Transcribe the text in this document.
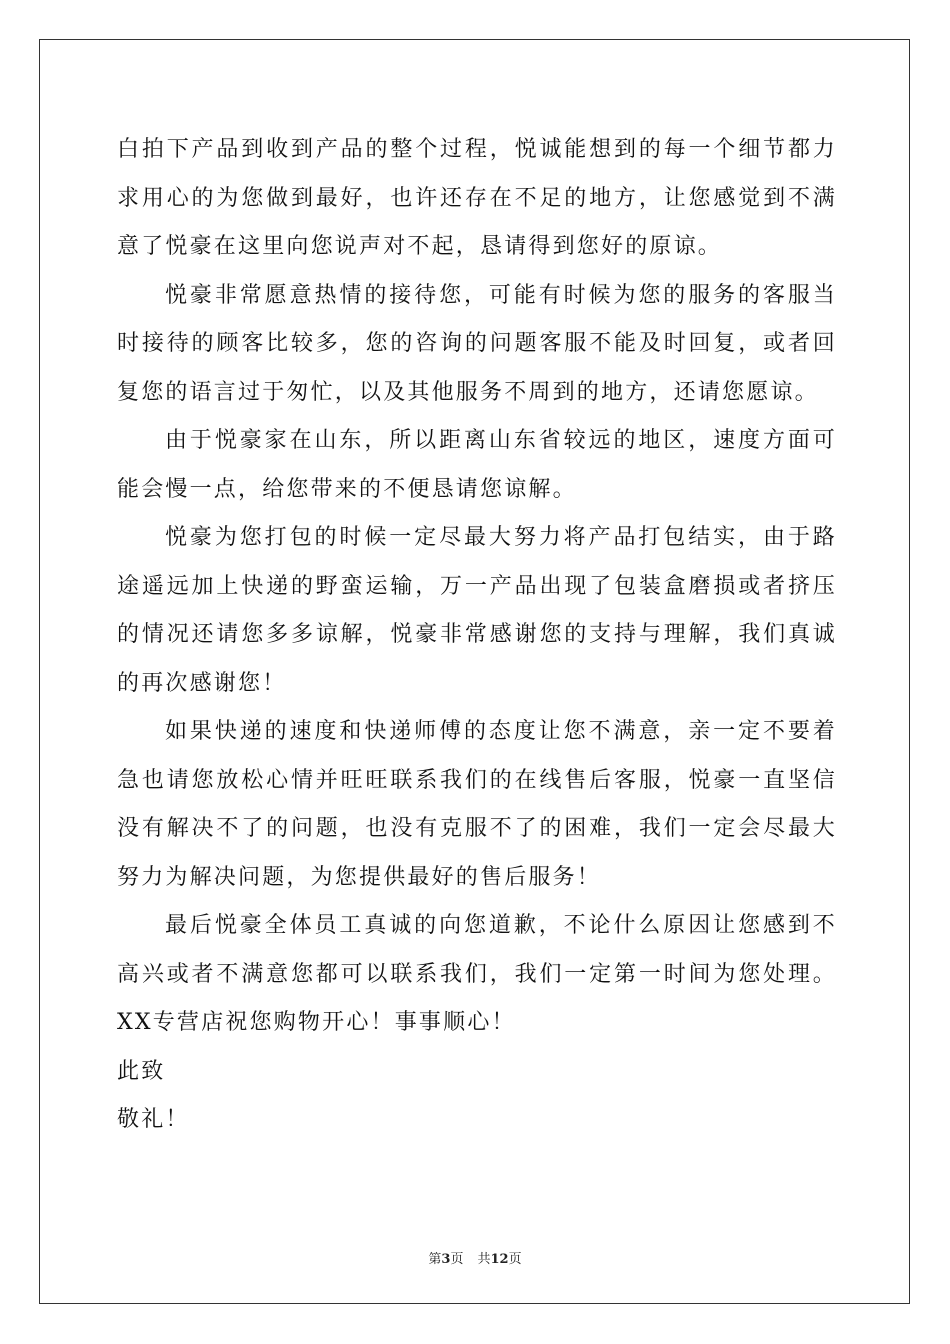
白拍下产品到收到产品的整个过程，悦诚能想到的每一个细节都力求用心的为您做到最好，也许还存在不足的地方，让您感觉到不满意了悦豪在这里向您说声对不起，恳请得到您好的原谅。

悦豪非常愿意热情的接待您，可能有时候为您的服务的客服当时接待的顾客比较多，您的咨询的问题客服不能及时回复，或者回复您的语言过于匆忙，以及其他服务不周到的地方，还请您愿谅。

由于悦豪家在山东，所以距离山东省较远的地区，速度方面可能会慢一点，给您带来的不便恳请您谅解。

悦豪为您打包的时候一定尽最大努力将产品打包结实，由于路途遥远加上快递的野蛮运输，万一产品出现了包装盒磨损或者挤压的情况还请您多多谅解，悦豪非常感谢您的支持与理解，我们真诚的再次感谢您！

如果快递的速度和快递师傅的态度让您不满意，亲一定不要着急也请您放松心情并旺旺联系我们的在线售后客服，悦豪一直坚信没有解决不了的问题，也没有克服不了的困难，我们一定会尽最大努力为解决问题，为您提供最好的售后服务！

最后悦豪全体员工真诚的向您道歉，不论什么原因让您感到不高兴或者不满意您都可以联系我们，我们一定第一时间为您处理。XX专营店祝您购物开心！事事顺心！

此致

敬礼！

第3页 共12页
